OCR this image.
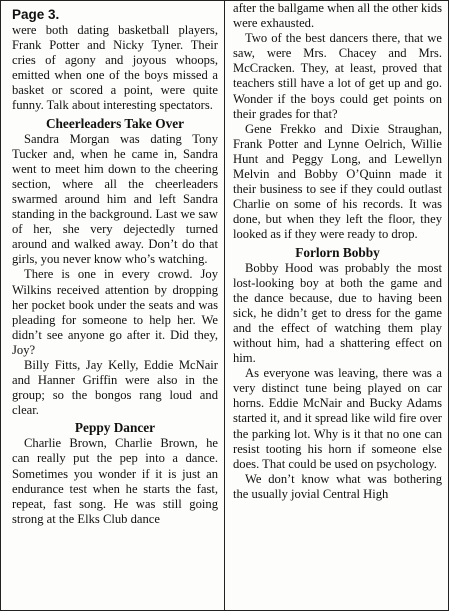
Page 3.

were both dating basketball players, Frank Potter and Nicky Tyner. Their cries of agony and joyous whoops, emitted when one of the boys missed a basket or scored a point, were quite funny. Talk about interesting spectators.

Cheerleaders Take Over

Sandra Morgan was dating Tony Tucker and, when he came in, Sandra went to meet him down to the cheering section, where all the cheerleaders swarmed around him and left Sandra standing in the background. Last we saw of her, she very dejectedly turned around and walked away. Don’t do that girls, you never know who’s watching.

There is one in every crowd. Joy Wilkins received attention by dropping her pocket book under the seats and was pleading for someone to help her. We didn’t see anyone go after it. Did they, Joy?

Billy Fitts, Jay Kelly, Eddie McNair and Hanner Griffin were also in the group; so the bongos rang loud and clear.

Peppy Dancer

Charlie Brown, Charlie Brown, he can really put the pep into a dance. Sometimes you wonder if it is just an endurance test when he starts the fast, repeat, fast song. He was still going strong at the Elks Club dance

after the ballgame when all the other kids were exhausted.

Two of the best dancers there, that we saw, were Mrs. Chacey and Mrs. McCracken. They, at least, proved that teachers still have a lot of get up and go. Wonder if the boys could get points on their grades for that?

Gene Frekko and Dixie Straughan, Frank Potter and Lynne Oelrich, Willie Hunt and Peggy Long, and Lewellyn Melvin and Bobby O’Quinn made it their business to see if they could outlast Charlie on some of his records. It was done, but when they left the floor, they looked as if they were ready to drop.

Forlorn Bobby

Bobby Hood was probably the most lost-looking boy at both the game and the dance because, due to having been sick, he didn’t get to dress for the game and the effect of watching them play without him, had a shattering effect on him.

As everyone was leaving, there was a very distinct tune being played on car horns. Eddie McNair and Bucky Adams started it, and it spread like wild fire over the parking lot. Why is it that no one can resist tooting his horn if someone else does. That could be used on psychology.

We don’t know what was bothering the usually jovial Central High
